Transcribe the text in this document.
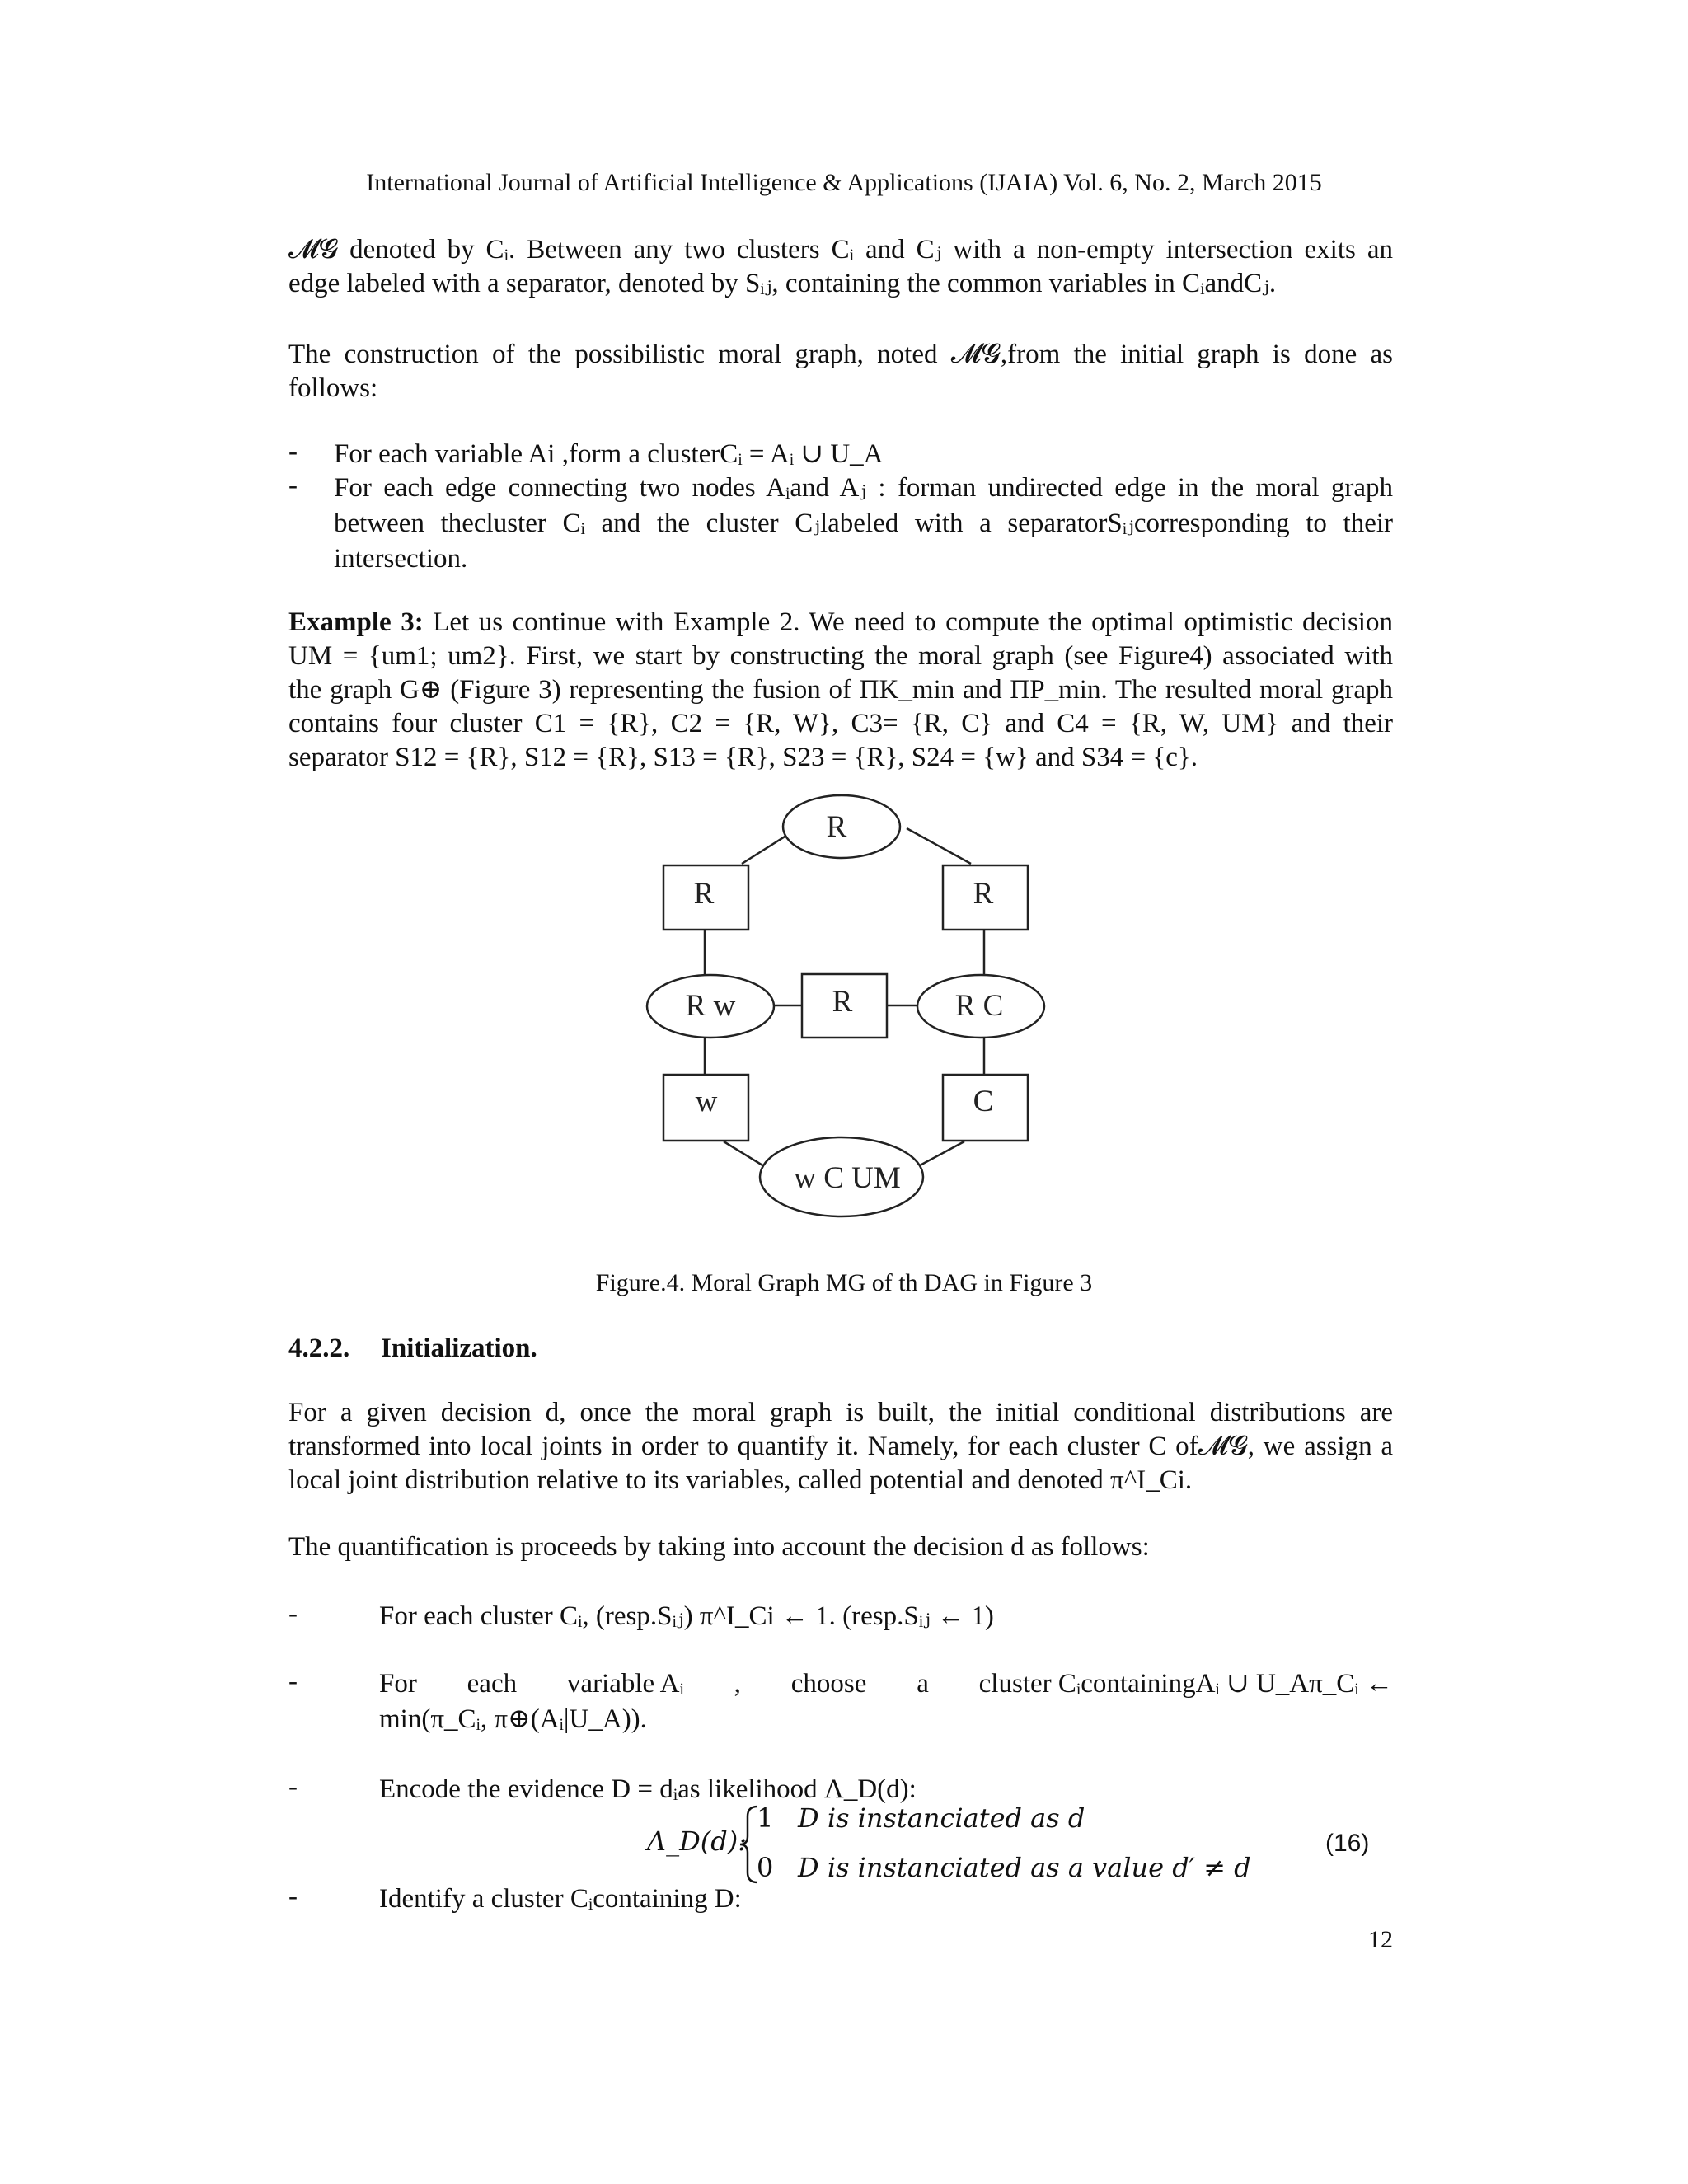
International Journal of Artificial Intelligence & Applications (IJAIA) Vol. 6, No. 2, March 2015
𝓜𝓖 denoted by Cᵢ. Between any two clusters Cᵢ and Cⱼ with a non-empty intersection exits an
edge labeled with a separator, denoted by Sᵢⱼ, containing the common variables in CᵢandCⱼ.
The construction of the possibilistic moral graph, noted 𝓜𝓖,from the initial graph is done as
follows:
- For each variable Ai ,form a clusterCᵢ = Aᵢ ∪ U_A
- For each edge connecting two nodes Aᵢand Aⱼ : forman undirected edge in the moral graph
between thecluster Cᵢ and the cluster Cⱼlabeled with a separatorSᵢⱼcorresponding to their
intersection.
Example 3: Let us continue with Example 2. We need to compute the optimal optimistic decision
UM = {um1; um2}. First, we start by constructing the moral graph (see Figure4) associated with
the graph G⊕ (Figure 3) representing the fusion of ΠK_min and ΠP_min. The resulted moral graph
contains four cluster C1 = {R}, C2 = {R, W}, C3= {R, C} and C4 = {R, W, UM} and their
separator S12 = {R}, S12 = {R}, S13 = {R}, S23 = {R}, S24 = {w} and S34 = {c}.
R
R	R
R w	R	R C
w	C
w C UM
Figure.4. Moral Graph MG of th DAG in Figure 3
4.2.2. Initialization.
For a given decision d, once the moral graph is built, the initial conditional distributions are
transformed into local joints in order to quantify it. Namely, for each cluster C of𝓜𝓖, we assign a
local joint distribution relative to its variables, called potential and denoted π^I_Ci.
The quantification is proceeds by taking into account the decision d as follows:
-	For each cluster Cᵢ, (resp.Sᵢⱼ) π^I_Ci ← 1. (resp.Sᵢⱼ ← 1)
-	For each variable Aᵢ , choose a cluster CᵢcontainingAᵢ ∪ U_Aπ_Cᵢ ←
min(π_Cᵢ, π⊕(Aᵢ|U_A)).
-	Encode the evidence D = dᵢas likelihood Λ_D(d):
Λ_D(d):
1 D is instanciated as d
0 D is instanciated as a value d′ ≠ d
(16)
-	Identify a cluster Cᵢcontaining D:
12
